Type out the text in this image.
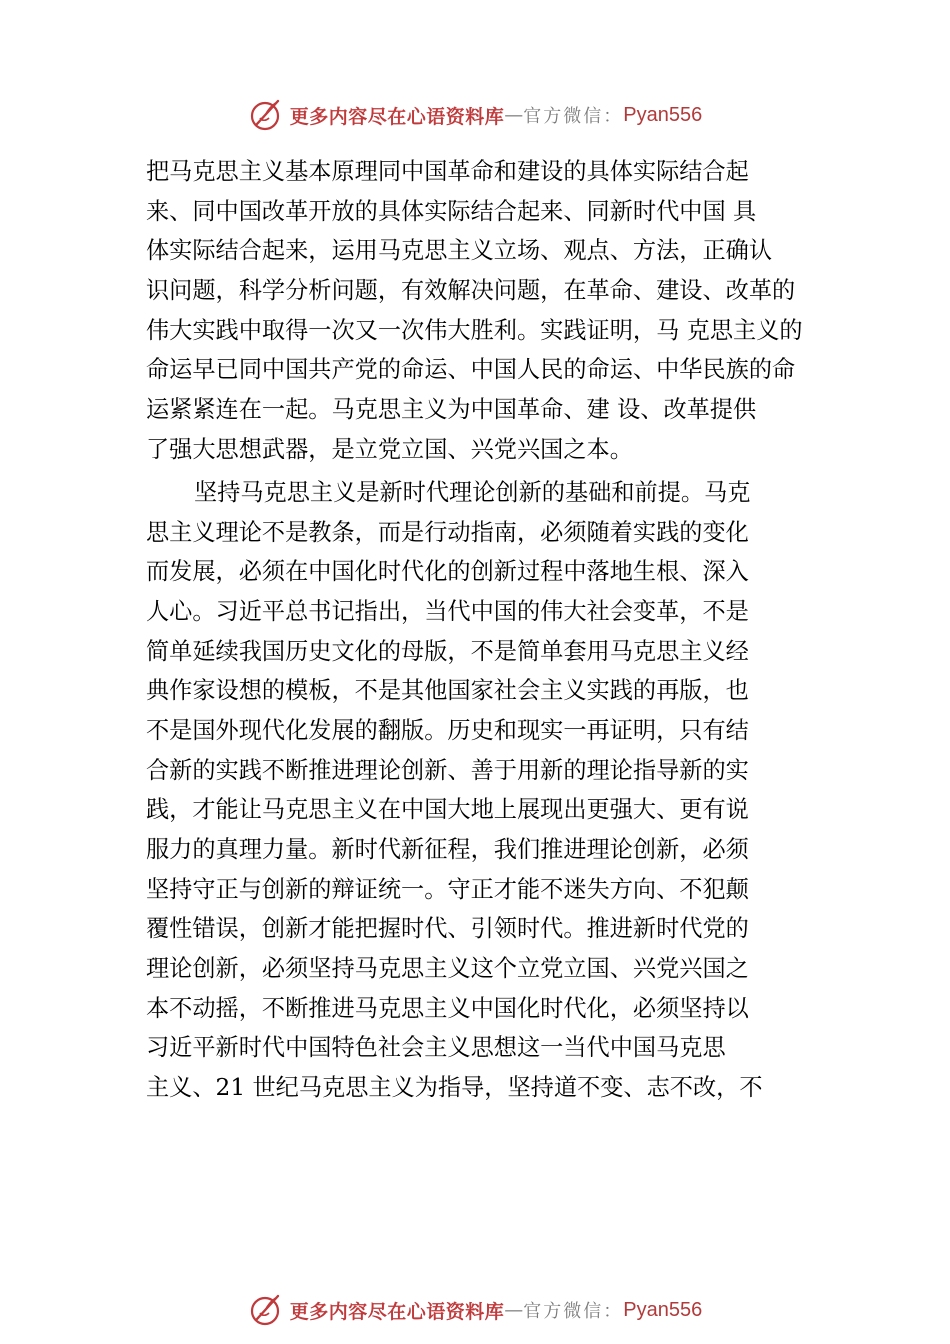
更多内容尽在心语资料库 — 官方微信： Pyan556
把马克思主义基本原理同中国革命和建设的具体实际结合起
来、同中国改革开放的具体实际结合起来、同新时代中国 具
体实际结合起来，运用马克思主义立场、观点、方法，正确认
识问题，科学分析问题，有效解决问题，在革命、建设、改革的
伟大实践中取得一次又一次伟大胜利。实践证明，马 克思主义的
命运早已同中国共产党的命运、中国人民的命运、中华民族的命
运紧紧连在一起。马克思主义为中国革命、建 设、改革提供
了强大思想武器，是立党立国、兴党兴国之本。
坚持马克思主义是新时代理论创新的基础和前提。马克
思主义理论不是教条，而是行动指南，必须随着实践的变化
而发展，必须在中国化时代化的创新过程中落地生根、深入
人心。习近平总书记指出，当代中国的伟大社会变革，不是
简单延续我国历史文化的母版，不是简单套用马克思主义经
典作家设想的模板，不是其他国家社会主义实践的再版，也
不是国外现代化发展的翻版。历史和现实一再证明，只有结
合新的实践不断推进理论创新、善于用新的理论指导新的实
践，才能让马克思主义在中国大地上展现出更强大、更有说
服力的真理力量。新时代新征程，我们推进理论创新，必须
坚持守正与创新的辩证统一。守正才能不迷失方向、不犯颠
覆性错误，创新才能把握时代、引领时代。推进新时代党的
理论创新，必须坚持马克思主义这个立党立国、兴党兴国之
本不动摇，不断推进马克思主义中国化时代化，必须坚持以
习近平新时代中国特色社会主义思想这一当代中国马克思
主义、21 世纪马克思主义为指导，坚持道不变、志不改，不
更多内容尽在心语资料库 — 官方微信： Pyan556
